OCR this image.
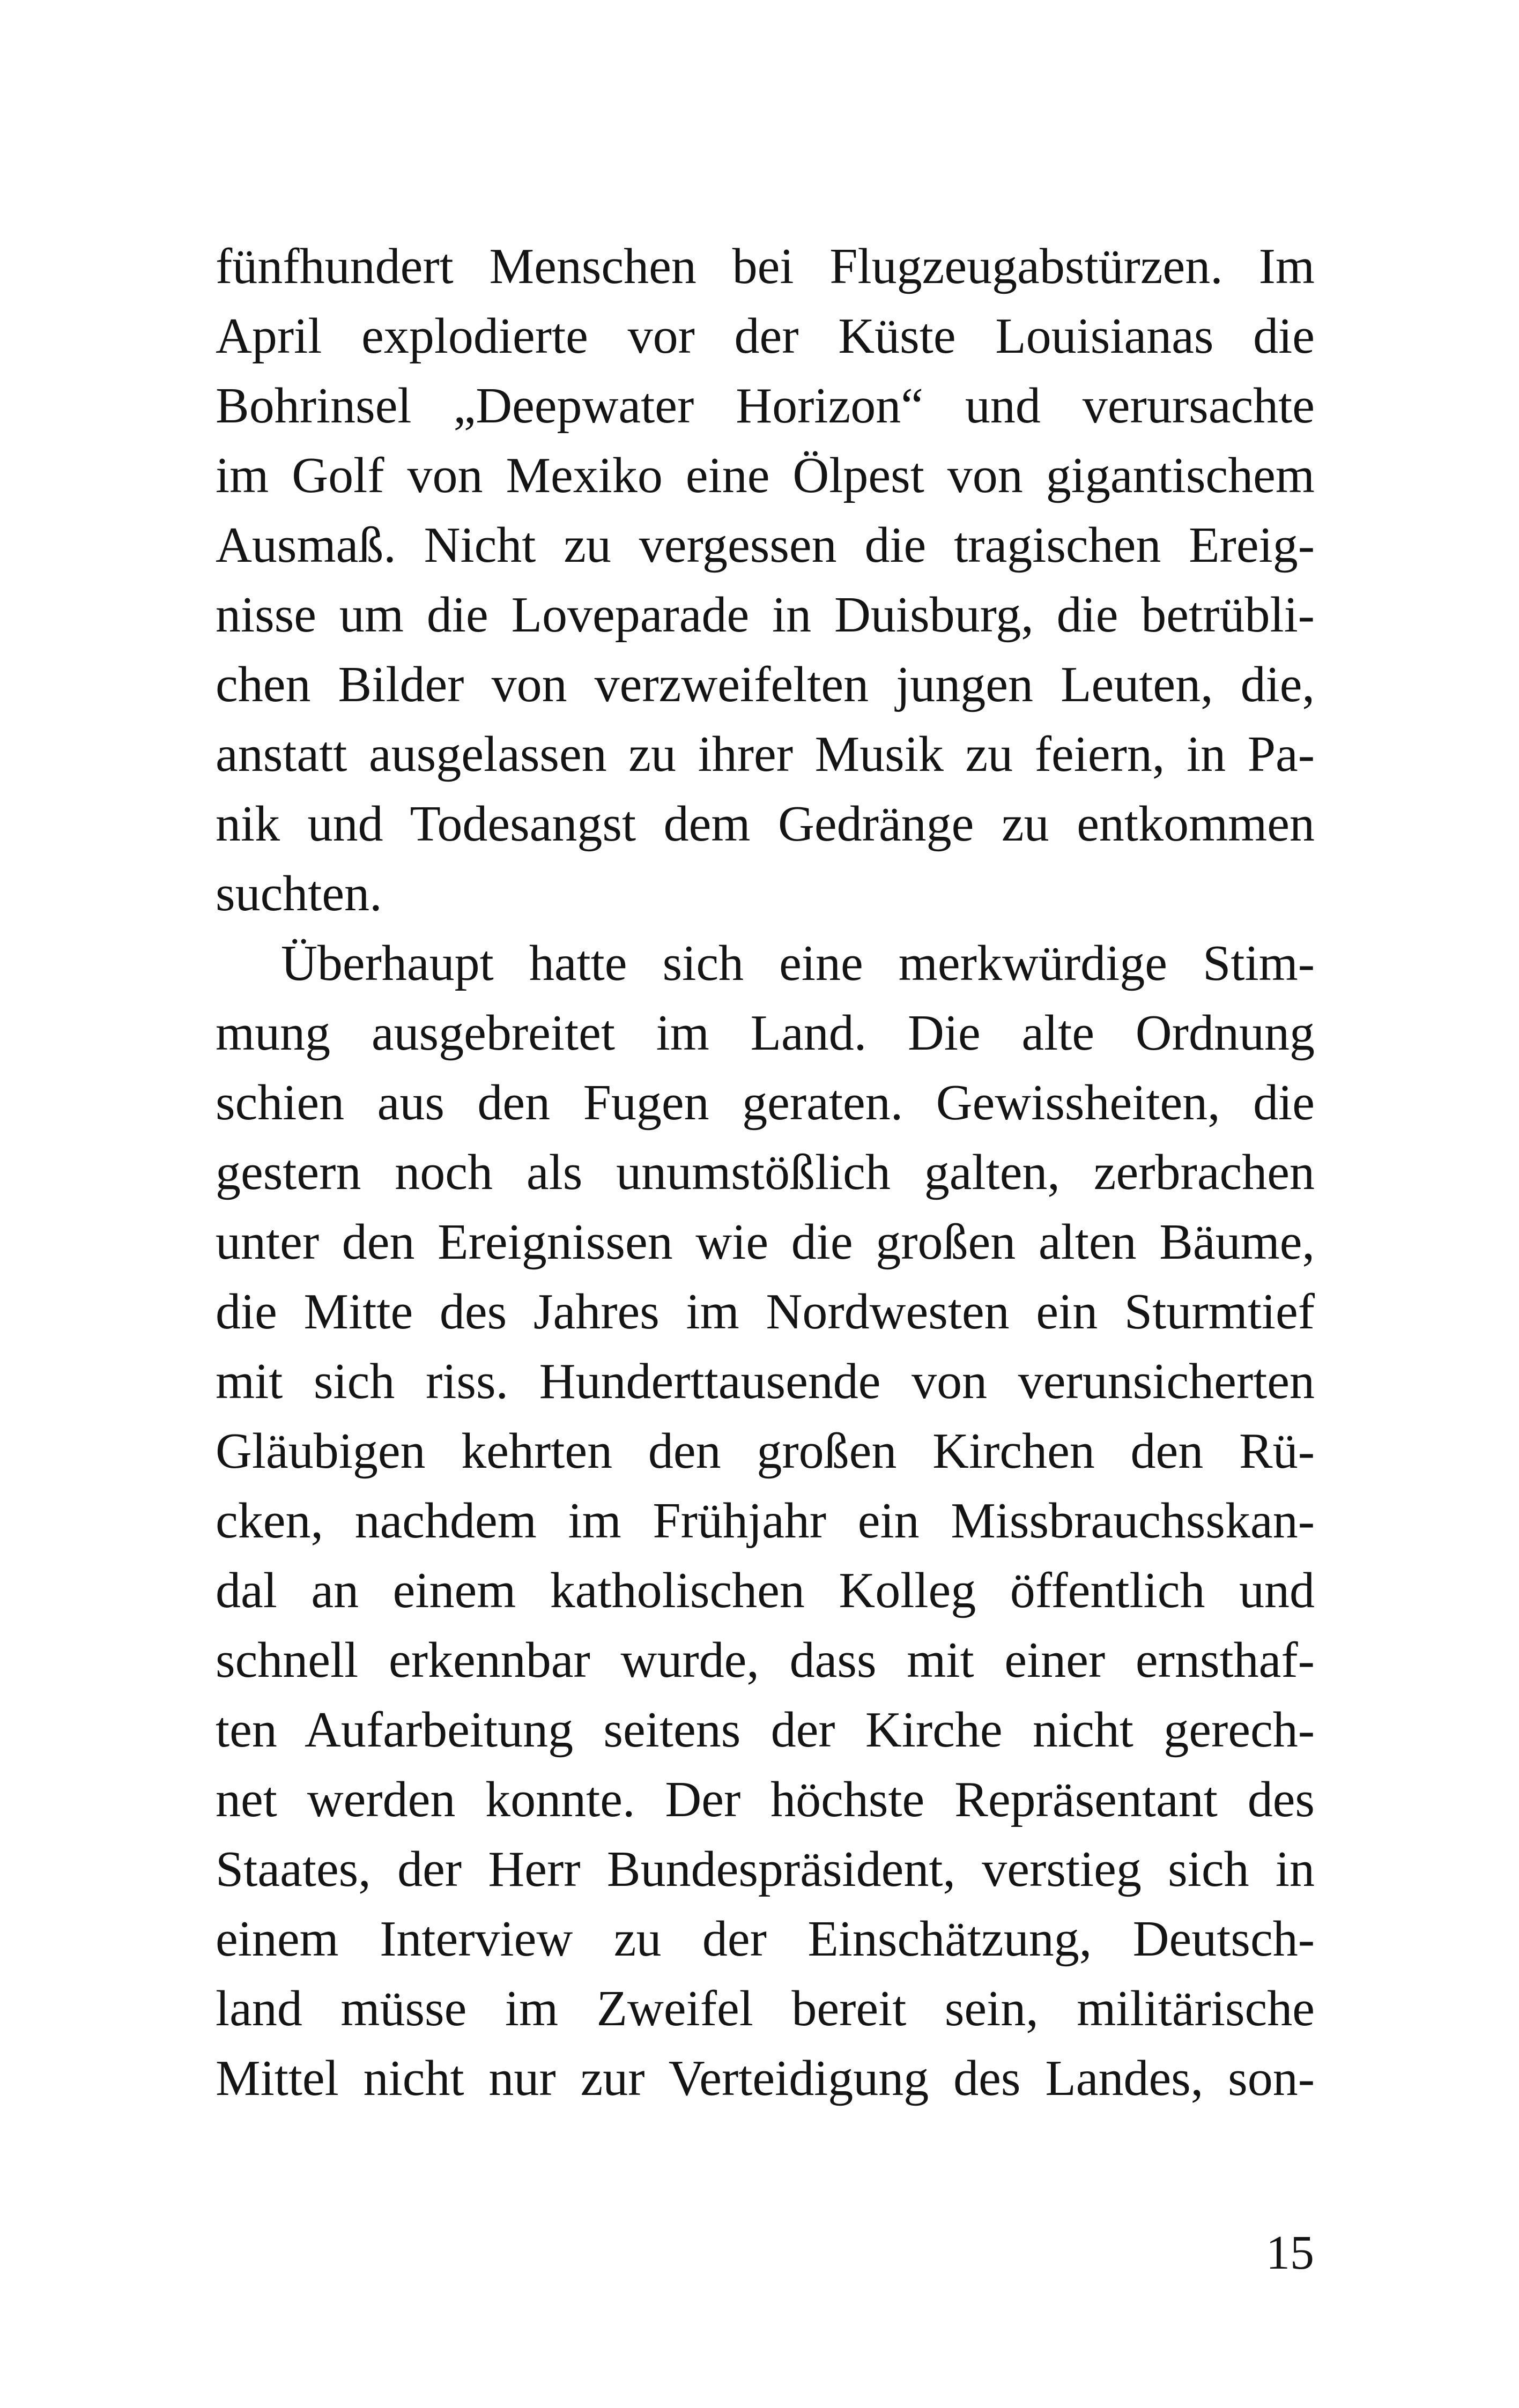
fünfhundert Menschen bei Flugzeugabstürzen. Im
April explodierte vor der Küste Louisianas die
Bohrinsel „Deepwater Horizon“ und verursachte
im Golf von Mexiko eine Ölpest von gigantischem
Ausmaß. Nicht zu vergessen die tragischen Ereig-
nisse um die Loveparade in Duisburg, die betrübli-
chen Bilder von verzweifelten jungen Leuten, die,
anstatt ausgelassen zu ihrer Musik zu feiern, in Pa-
nik und Todesangst dem Gedränge zu entkommen
suchten.
Überhaupt hatte sich eine merkwürdige Stim-
mung ausgebreitet im Land. Die alte Ordnung
schien aus den Fugen geraten. Gewissheiten, die
gestern noch als unumstößlich galten, zerbrachen
unter den Ereignissen wie die großen alten Bäume,
die Mitte des Jahres im Nordwesten ein Sturmtief
mit sich riss. Hunderttausende von verunsicherten
Gläubigen kehrten den großen Kirchen den Rü-
cken, nachdem im Frühjahr ein Missbrauchsskan-
dal an einem katholischen Kolleg öffentlich und
schnell erkennbar wurde, dass mit einer ernsthaf-
ten Aufarbeitung seitens der Kirche nicht gerech-
net werden konnte. Der höchste Repräsentant des
Staates, der Herr Bundespräsident, verstieg sich in
einem Interview zu der Einschätzung, Deutsch-
land müsse im Zweifel bereit sein, militärische
Mittel nicht nur zur Verteidigung des Landes, son-
15
